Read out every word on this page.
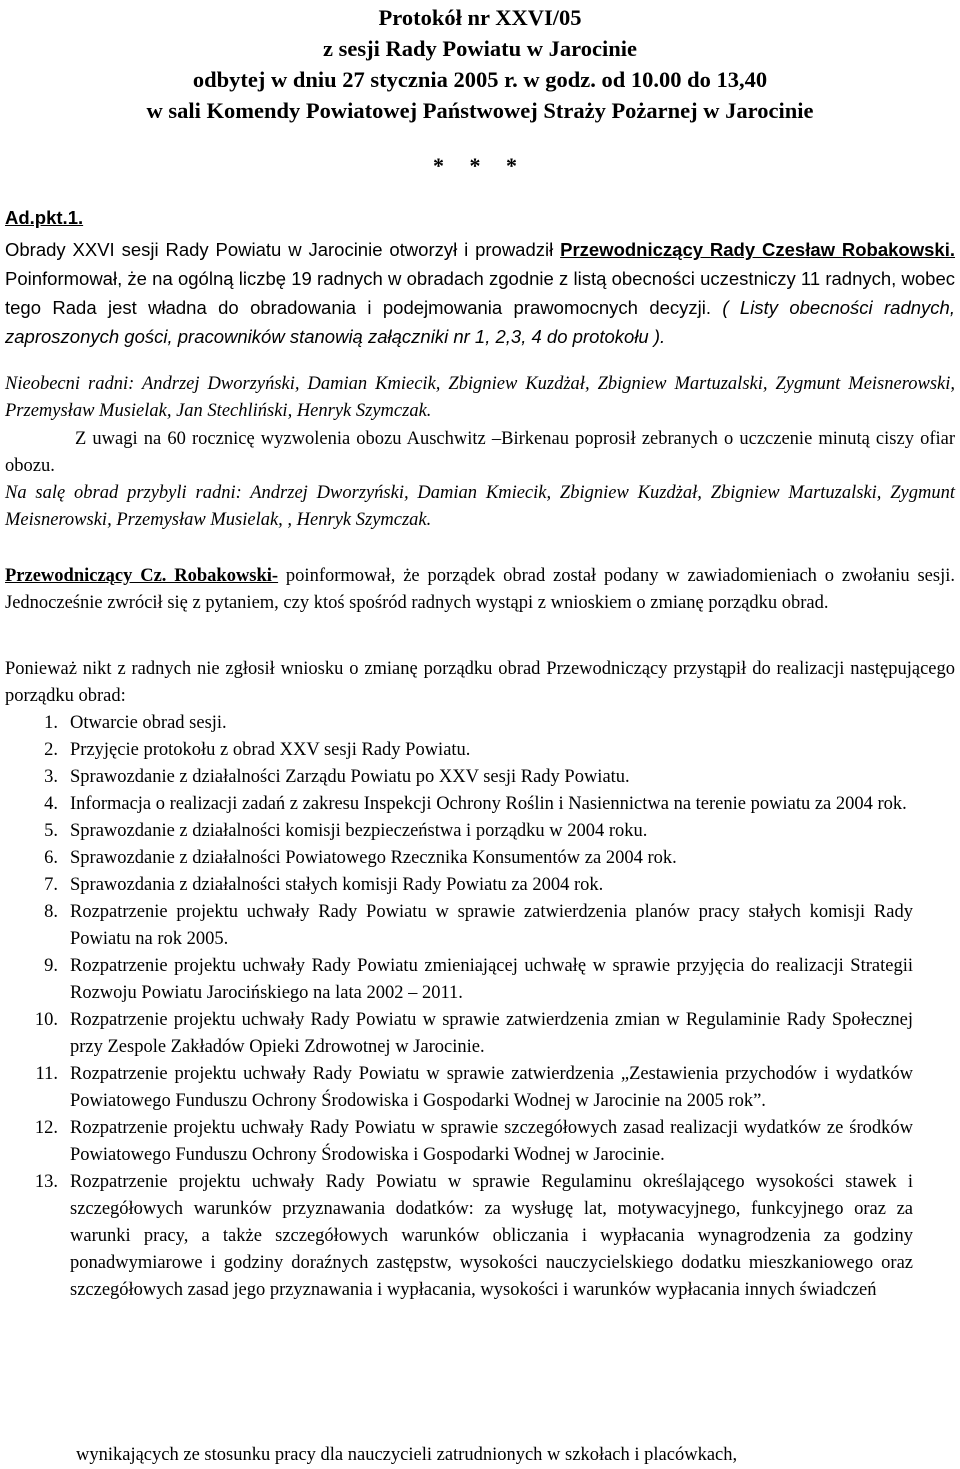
Protokół nr XXVI/05
z sesji Rady Powiatu w Jarocinie
odbytej w dniu 27 stycznia 2005 r. w godz. od 10.00 do 13,40
w sali Komendy Powiatowej Państwowej Straży Pożarnej w Jarocinie
* * *
Ad.pkt.1.
Obrady XXVI sesji Rady Powiatu w Jarocinie otworzył i prowadził Przewodniczący Rady Czesław Robakowski. Poinformował, że na ogólną liczbę 19 radnych w obradach zgodnie z listą obecności uczestniczy 11 radnych, wobec tego Rada jest władna do obradowania i podejmowania prawomocnych decyzji. ( Listy obecności radnych, zaproszonych gości, pracowników stanowią załączniki nr 1, 2,3, 4 do protokołu ).
Nieobecni radni: Andrzej Dworzyński, Damian Kmiecik, Zbigniew Kuzdżał, Zbigniew Martuzalski, Zygmunt Meisnerowski, Przemysław Musielak, Jan Stechliński, Henryk Szymczak.
Z uwagi na 60 rocznicę wyzwolenia obozu Auschwitz –Birkenau poprosił zebranych o uczczenie minutą ciszy ofiar obozu.
Na salę obrad przybyli radni: Andrzej Dworzyński, Damian Kmiecik, Zbigniew Kuzdżał, Zbigniew Martuzalski, Zygmunt Meisnerowski, Przemysław Musielak, , Henryk Szymczak.
Przewodniczący Cz. Robakowski- poinformował, że porządek obrad został podany w zawiadomieniach o zwołaniu sesji. Jednocześnie zwrócił się z pytaniem, czy ktoś spośród radnych wystąpi z wnioskiem o zmianę porządku obrad.
Ponieważ nikt z radnych nie zgłosił wniosku o zmianę porządku obrad Przewodniczący przystąpił do realizacji następującego porządku obrad:
1. Otwarcie obrad sesji.
2. Przyjęcie protokołu z obrad XXV sesji Rady Powiatu.
3. Sprawozdanie z działalności Zarządu Powiatu po XXV sesji Rady Powiatu.
4. Informacja o realizacji zadań z zakresu Inspekcji Ochrony Roślin i Nasiennictwa na terenie powiatu za 2004 rok.
5. Sprawozdanie z działalności komisji bezpieczeństwa i porządku w 2004 roku.
6. Sprawozdanie z działalności Powiatowego Rzecznika Konsumentów za 2004 rok.
7. Sprawozdania z działalności stałych komisji Rady Powiatu za 2004 rok.
8. Rozpatrzenie projektu uchwały Rady Powiatu w sprawie zatwierdzenia planów pracy stałych komisji Rady Powiatu na rok 2005.
9. Rozpatrzenie projektu uchwały Rady Powiatu zmieniającej uchwałę w sprawie przyjęcia do realizacji Strategii Rozwoju Powiatu Jarocińskiego na lata 2002 – 2011.
10. Rozpatrzenie projektu uchwały Rady Powiatu w sprawie zatwierdzenia zmian w Regulaminie Rady Społecznej przy Zespole Zakładów Opieki Zdrowotnej w Jarocinie.
11. Rozpatrzenie projektu uchwały Rady Powiatu w sprawie zatwierdzenia „Zestawienia przychodów i wydatków Powiatowego Funduszu Ochrony Środowiska i Gospodarki Wodnej w Jarocinie na 2005 rok”.
12. Rozpatrzenie projektu uchwały Rady Powiatu w sprawie szczegółowych zasad realizacji wydatków ze środków Powiatowego Funduszu Ochrony Środowiska i Gospodarki Wodnej w Jarocinie.
13. Rozpatrzenie projektu uchwały Rady Powiatu w sprawie Regulaminu określającego wysokości stawek i szczegółowych warunków przyznawania dodatków: za wysługę lat, motywacyjnego, funkcyjnego oraz za warunki pracy, a także szczegółowych warunków obliczania i wypłacania wynagrodzenia za godziny ponadwymiarowe i godziny doraźnych zastępstw, wysokości nauczycielskiego dodatku mieszkaniowego oraz szczegółowych zasad jego przyznawania i wypłacania, wysokości i warunków wypłacania innych świadczeń
wynikających ze stosunku pracy dla nauczycieli zatrudnionych w szkołach i placówkach,
